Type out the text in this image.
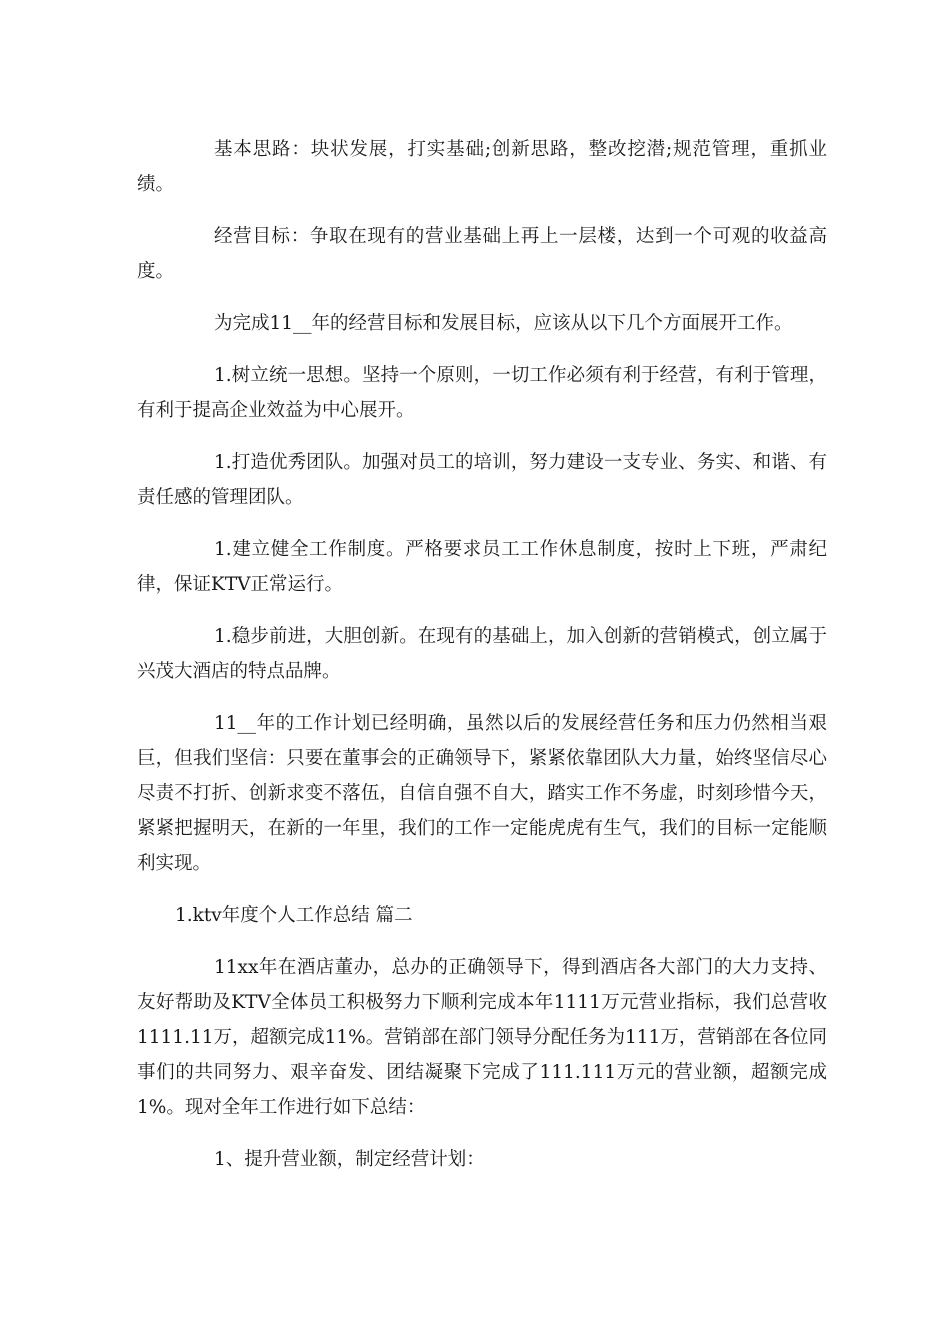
基本思路：块状发展，打实基础;创新思路，整改挖潜;规范管理，重抓业绩。

经营目标：争取在现有的营业基础上再上一层楼，达到一个可观的收益高度。

为完成11__年的经营目标和发展目标，应该从以下几个方面展开工作。

1.树立统一思想。坚持一个原则，一切工作必须有利于经营，有利于管理，有利于提高企业效益为中心展开。

1.打造优秀团队。加强对员工的培训，努力建设一支专业、务实、和谐、有责任感的管理团队。

1.建立健全工作制度。严格要求员工工作休息制度，按时上下班，严肃纪律，保证KTV正常运行。

1.稳步前进，大胆创新。在现有的基础上，加入创新的营销模式，创立属于兴茂大酒店的特点品牌。

11__年的工作计划已经明确，虽然以后的发展经营任务和压力仍然相当艰巨，但我们坚信：只要在董事会的正确领导下，紧紧依靠团队大力量，始终坚信尽心尽责不打折、创新求变不落伍，自信自强不自大，踏实工作不务虚，时刻珍惜今天，紧紧把握明天，在新的一年里，我们的工作一定能虎虎有生气，我们的目标一定能顺利实现。

1.ktv年度个人工作总结 篇二

11xx年在酒店董办，总办的正确领导下，得到酒店各大部门的大力支持、友好帮助及KTV全体员工积极努力下顺利完成本年1111万元营业指标，我们总营收1111.11万，超额完成11%。营销部在部门领导分配任务为111万，营销部在各位同事们的共同努力、艰辛奋发、团结凝聚下完成了111.111万元的营业额，超额完成1%。现对全年工作进行如下总结：

1、提升营业额，制定经营计划：
